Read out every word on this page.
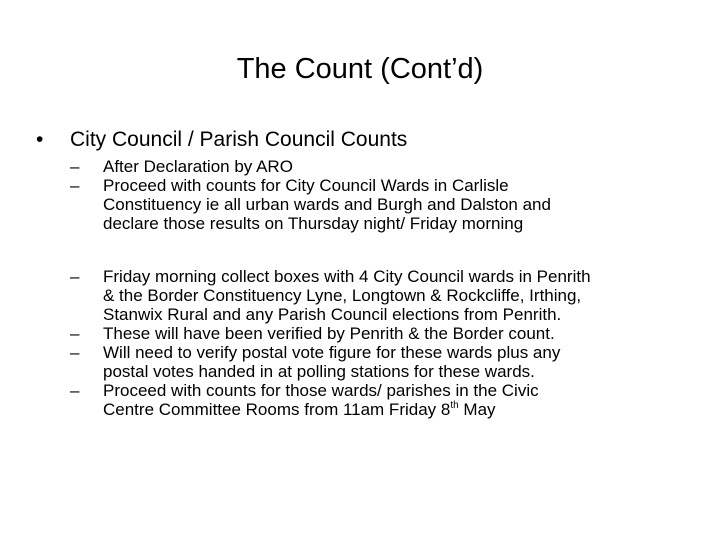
The Count (Cont’d)
• City Council / Parish Council Counts
– After Declaration by ARO
– Proceed with counts for City Council Wards in Carlisle
Constituency ie all urban wards and Burgh and Dalston and
declare those results on Thursday night/ Friday morning
– Friday morning collect boxes with 4 City Council wards in Penrith
& the Border Constituency Lyne, Longtown & Rockcliffe, Irthing,
Stanwix Rural and any Parish Council elections from Penrith.
– These will have been verified by Penrith & the Border count.
– Will need to verify postal vote figure for these wards plus any
postal votes handed in at polling stations for these wards.
– Proceed with counts for those wards/ parishes in the Civic
Centre Committee Rooms from 11am Friday 8th May
